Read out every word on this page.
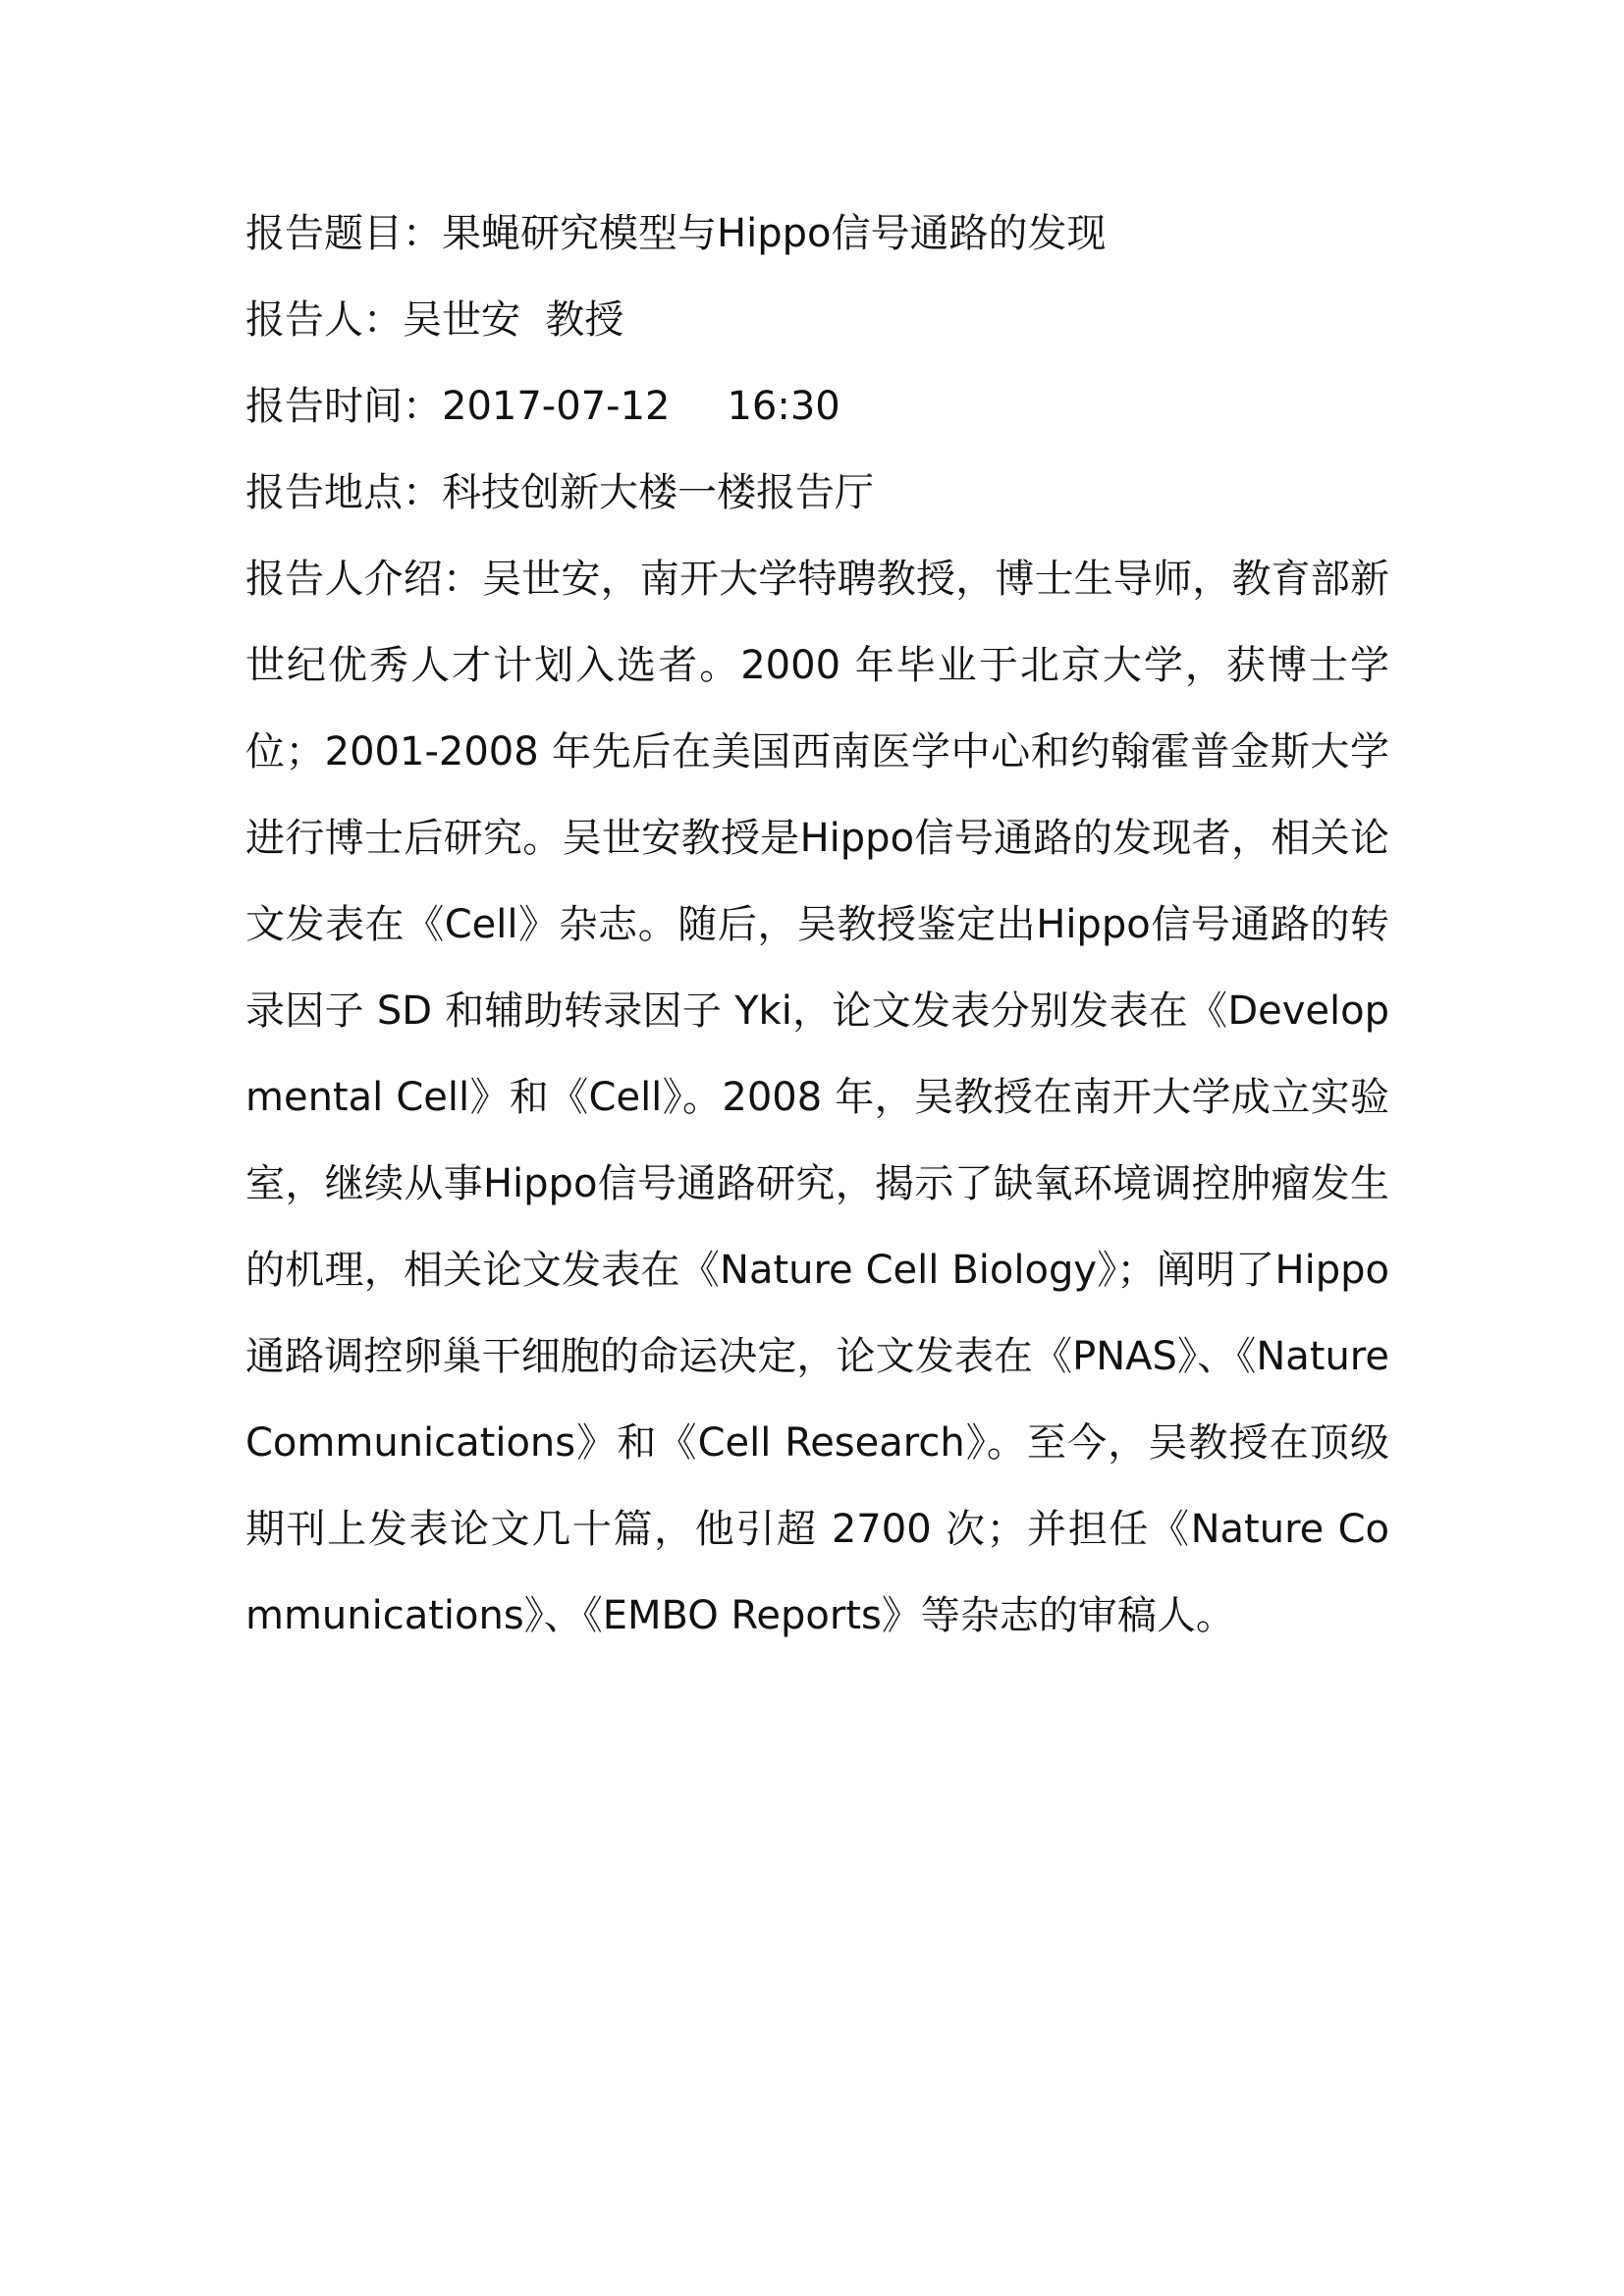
报告题目：果蝇研究模型与Hippo信号通路的发现
报告人：吴世安  教授
报告时间：2017-07-12 16:30
报告地点：科技创新大楼一楼报告厅
报告人介绍：吴世安，南开大学特聘教授，博士生导师，教育部新世纪优秀人才计划入选者。2000 年毕业于北京大学，获博士学位；2001-2008 年先后在美国西南医学中心和约翰霍普金斯大学进行博士后研究。吴世安教授是Hippo信号通路的发现者，相关论文发表在《Cell》杂志。随后，吴教授鉴定出Hippo信号通路的转录因子 SD 和辅助转录因子 Yki，论文发表分别发表在《Developmental Cell》和《Cell》。2008 年，吴教授在南开大学成立实验室，继续从事Hippo信号通路研究，揭示了缺氧环境调控肿瘤发生的机理，相关论文发表在《Nature Cell Biology》；阐明了Hippo通路调控卵巢干细胞的命运决定，论文发表在《PNAS》、《Nature Communications》和《Cell Research》。至今，吴教授在顶级期刊上发表论文几十篇，他引超 2700 次；并担任《Nature Communications》、《EMBO Reports》等杂志的审稿人。
